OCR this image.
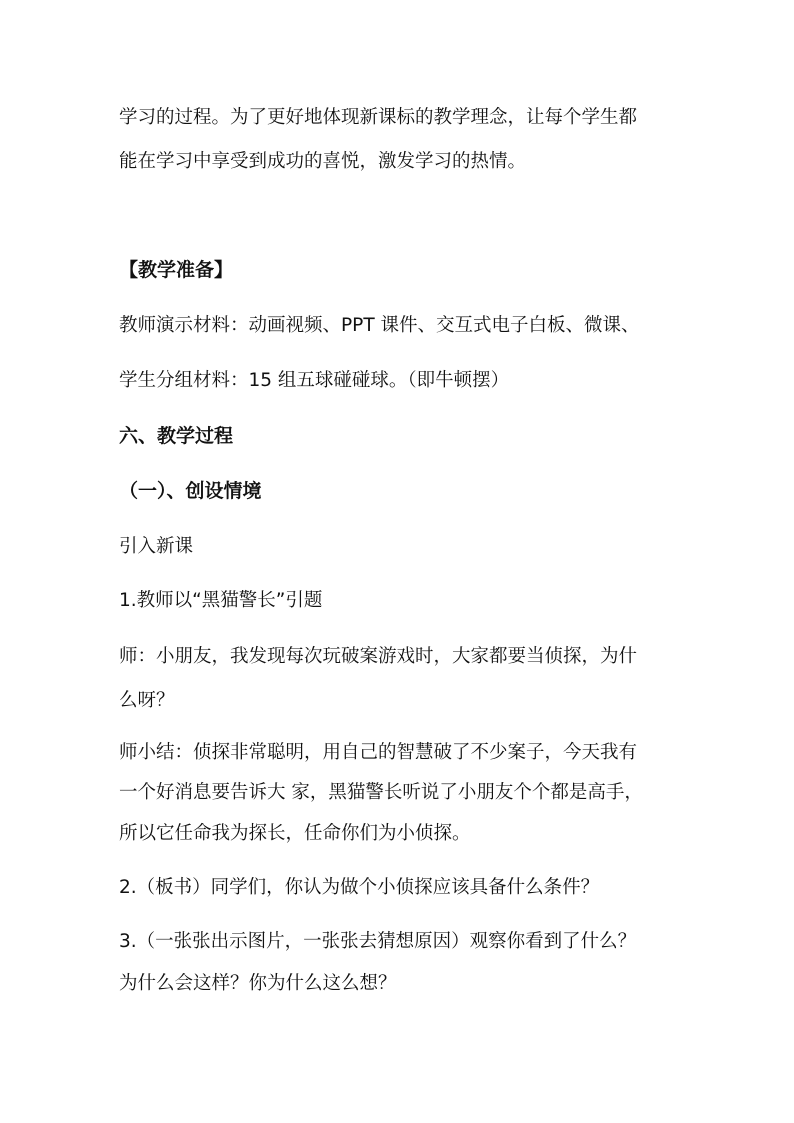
学习的过程。为了更好地体现新课标的教学理念，让每个学生都
能在学习中享受到成功的喜悦，激发学习的热情。
【教学准备】
教师演示材料：动画视频、PPT 课件、交互式电子白板、微课、
学生分组材料：15 组五球碰碰球。（即牛顿摆）
六、教学过程
（一）、创设情境
引入新课
1.教师以“黑猫警长”引题
师：小朋友，我发现每次玩破案游戏时，大家都要当侦探，为什
么呀？
师小结：侦探非常聪明，用自己的智慧破了不少案子，今天我有
一个好消息要告诉大 家，黑猫警长听说了小朋友个个都是高手，
所以它任命我为探长，任命你们为小侦探。
2.（板书）同学们，你认为做个小侦探应该具备什么条件？
3.（一张张出示图片，一张张去猜想原因）观察你看到了什么？
为什么会这样？你为什么这么想？
